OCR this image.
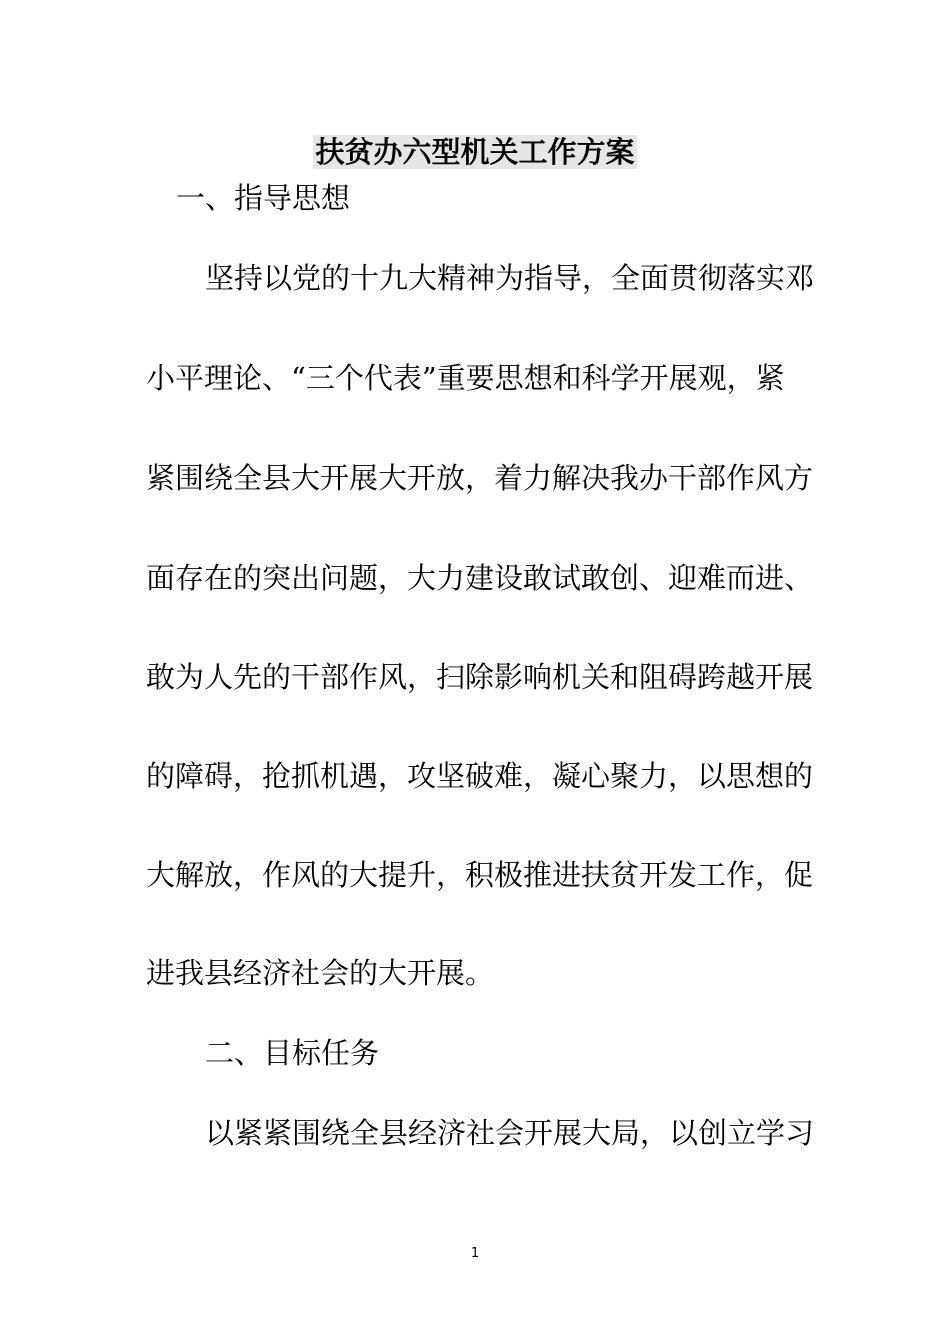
扶贫办六型机关工作方案
一、指导思想
坚持以党的十九大精神为指导，全面贯彻落实邓
小平理论、“三个代表”重要思想和科学开展观，紧
紧围绕全县大开展大开放，着力解决我办干部作风方
面存在的突出问题，大力建设敢试敢创、迎难而进、
敢为人先的干部作风，扫除影响机关和阻碍跨越开展
的障碍，抢抓机遇，攻坚破难，凝心聚力，以思想的
大解放，作风的大提升，积极推进扶贫开发工作，促
进我县经济社会的大开展。
二、目标任务
以紧紧围绕全县经济社会开展大局，以创立学习
1
